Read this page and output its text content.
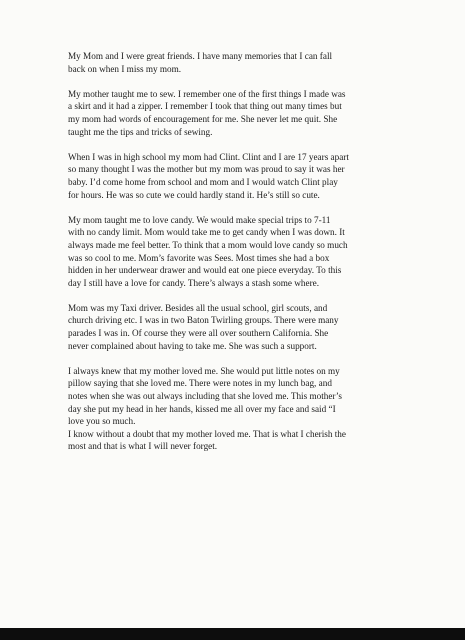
My Mom and I were great friends. I have many memories that I can fall
back on when I miss my mom.

My mother taught me to sew. I remember one of the first things I made was
a skirt and it had a zipper. I remember I took that thing out many times but
my mom had words of encouragement for me. She never let me quit. She
taught me the tips and tricks of sewing.

When I was in high school my mom had Clint. Clint and I are 17 years apart
so many thought I was the mother but my mom was proud to say it was her
baby. I’d come home from school and mom and I would watch Clint play
for hours. He was so cute we could hardly stand it. He’s still so cute.

My mom taught me to love candy. We would make special trips to 7-11
with no candy limit. Mom would take me to get candy when I was down. It
always made me feel better. To think that a mom would love candy so much
was so cool to me. Mom’s favorite was Sees. Most times she had a box
hidden in her underwear drawer and would eat one piece everyday. To this
day I still have a love for candy. There’s always a stash some where.

Mom was my Taxi driver. Besides all the usual school, girl scouts, and
church driving etc. I was in two Baton Twirling groups. There were many
parades I was in. Of course they were all over southern California. She
never complained about having to take me. She was such a support.

I always knew that my mother loved me. She would put little notes on my
pillow saying that she loved me. There were notes in my lunch bag, and
notes when she was out always including that she loved me. This mother’s
day she put my head in her hands, kissed me all over my face and said “I
love you so much.
I know without a doubt that my mother loved me. That is what I cherish the
most and that is what I will never forget.
